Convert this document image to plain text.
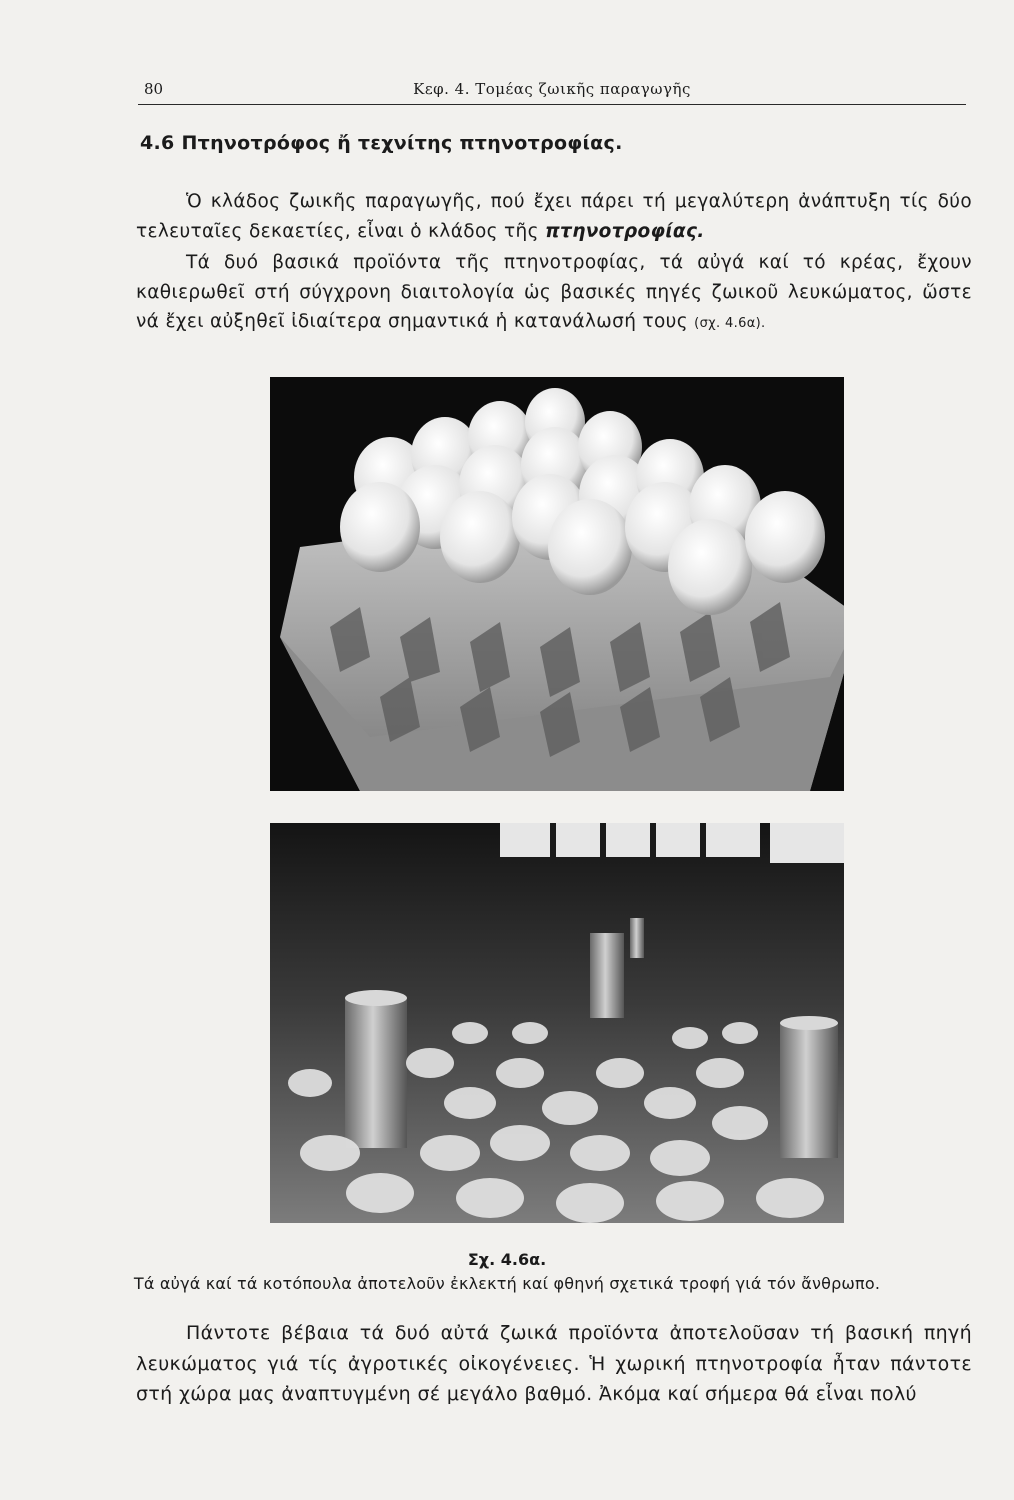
80	Κεφ. 4. Τομέας ζωικῆς παραγωγῆς
4.6 Πτηνοτρόφος ἤ τεχνίτης πτηνοτροφίας.

Ὁ κλάδος ζωικῆς παραγωγῆς, πού ἔχει πάρει τή μεγαλύτερη ἀνάπτυξη τίς δύο τελευταῖες δεκαετίες, εἶναι ὁ κλάδος τῆς πτηνοτροφίας.

Τά δυό βασικά προϊόντα τῆς πτηνοτροφίας, τά αὐγά καί τό κρέας, ἔχουν καθιερωθεῖ στή σύγχρονη διαιτολογία ὡς βασικές πηγές ζωικοῦ λευκώματος, ὥστε νά ἔχει αὐξηθεῖ ἰδιαίτερα σημαντικά ἡ κατανάλωσή τους (σχ. 4.6α).

Σχ. 4.6α.
Τά αὐγά καί τά κοτόπουλα ἀποτελοῦν ἐκλεκτή καί φθηνή σχετικά τροφή γιά τόν ἄνθρωπο.

Πάντοτε βέβαια τά δυό αὐτά ζωικά προϊόντα ἀποτελοῦσαν τή βασική πηγή λευκώματος γιά τίς ἀγροτικές οἰκογένειες. Ἡ χωρική πτηνοτροφία ἦταν πάντοτε στή χώρα μας ἀναπτυγμένη σέ μεγάλο βαθμό. Ἀκόμα καί σήμερα θά εἶναι πολύ
